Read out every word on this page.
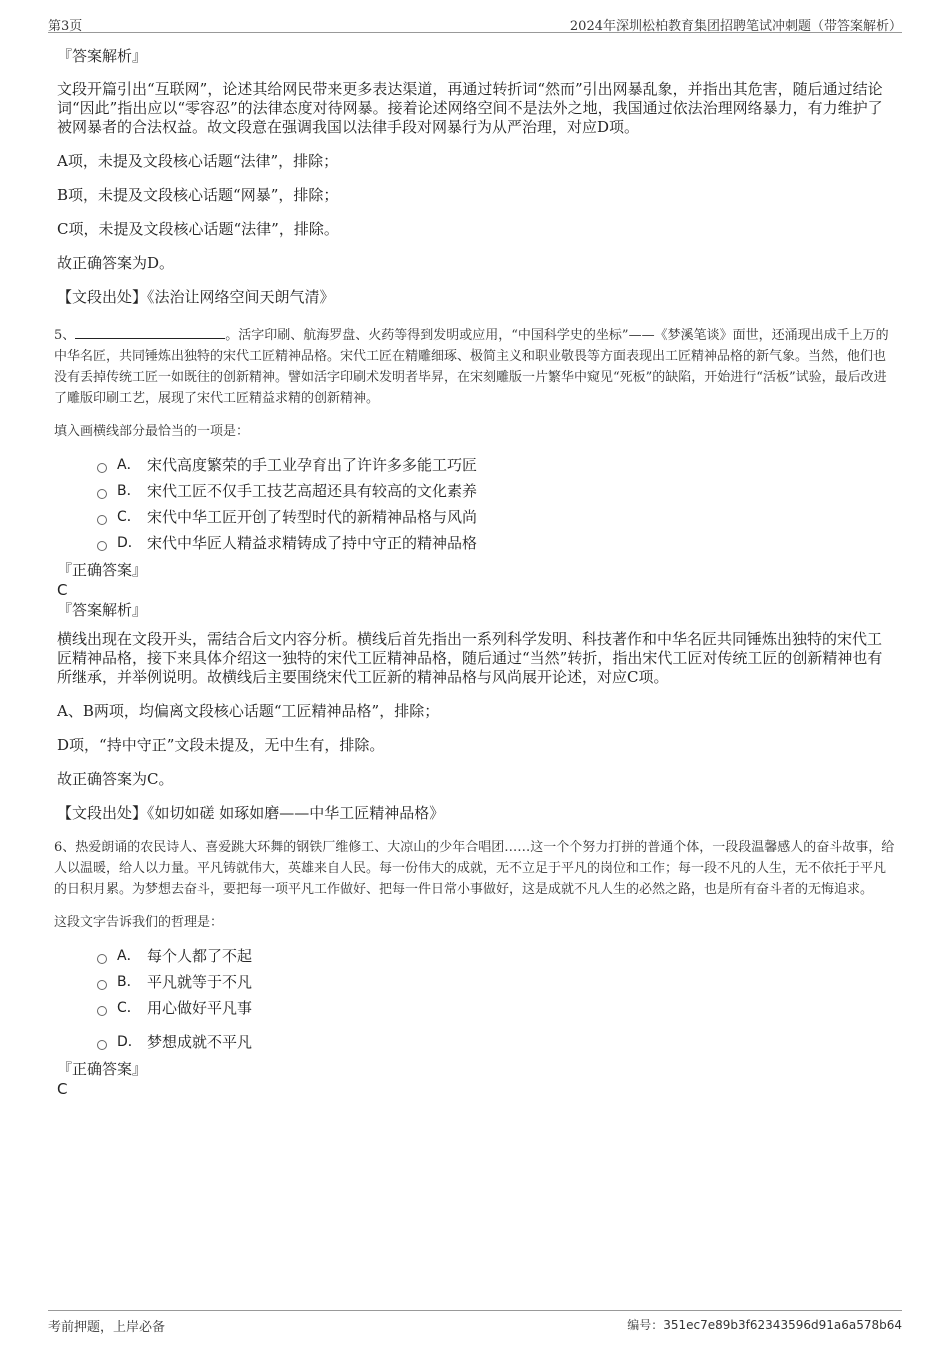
第3页	2024年深圳松柏教育集团招聘笔试冲刺题（带答案解析）
『答案解析』
文段开篇引出“互联网”，论述其给网民带来更多表达渠道，再通过转折词“然而”引出网暴乱象，并指出其危害，随后通过结论词“因此”指出应以“零容忍”的法律态度对待网暴。接着论述网络空间不是法外之地，我国通过依法治理网络暴力，有力维护了被网暴者的合法权益。故文段意在强调我国以法律手段对网暴行为从严治理，对应D项。
A项，未提及文段核心话题“法律”，排除；
B项，未提及文段核心话题“网暴”，排除；
C项，未提及文段核心话题“法律”，排除。
故正确答案为D。
【文段出处】《法治让网络空间天朗气清》
5、	。活字印刷、航海罗盘、火药等得到发明或应用，“中国科学史的坐标”——《梦溪笔谈》面世，还涌现出成千上万的中华名匠，共同锤炼出独特的宋代工匠精神品格。宋代工匠在精雕细琢、极简主义和职业敬畏等方面表现出工匠精神品格的新气象。当然，他们也没有丢掉传统工匠一如既往的创新精神。譬如活字印刷术发明者毕昇，在宋刻雕版一片繁华中窥见“死板”的缺陷，开始进行“活板”试验，最后改进了雕版印刷工艺，展现了宋代工匠精益求精的创新精神。
填入画横线部分最恰当的一项是：
A． 宋代高度繁荣的手工业孕育出了许许多多能工巧匠
B． 宋代工匠不仅手工技艺高超还具有较高的文化素养
C． 宋代中华工匠开创了转型时代的新精神品格与风尚
D． 宋代中华匠人精益求精铸成了持中守正的精神品格
『正确答案』
C
『答案解析』
横线出现在文段开头，需结合后文内容分析。横线后首先指出一系列科学发明、科技著作和中华名匠共同锤炼出独特的宋代工匠精神品格，接下来具体介绍这一独特的宋代工匠精神品格，随后通过“当然”转折，指出宋代工匠对传统工匠的创新精神也有所继承，并举例说明。故横线后主要围绕宋代工匠新的精神品格与风尚展开论述，对应C项。
A、B两项，均偏离文段核心话题“工匠精神品格”，排除；
D项，“持中守正”文段未提及，无中生有，排除。
故正确答案为C。
【文段出处】《如切如磋 如琢如磨——中华工匠精神品格》
6、热爱朗诵的农民诗人、喜爱跳大环舞的钢铁厂维修工、大凉山的少年合唱团……这一个个努力打拼的普通个体，一段段温馨感人的奋斗故事，给人以温暖，给人以力量。平凡铸就伟大，英雄来自人民。每一份伟大的成就，无不立足于平凡的岗位和工作；每一段不凡的人生，无不依托于平凡的日积月累。为梦想去奋斗，要把每一项平凡工作做好、把每一件日常小事做好，这是成就不凡人生的必然之路，也是所有奋斗者的无悔追求。
这段文字告诉我们的哲理是：
A． 每个人都了不起
B． 平凡就等于不凡
C． 用心做好平凡事
D． 梦想成就不平凡
『正确答案』
C
考前押题，上岸必备	编号：351ec7e89b3f62343596d91a6a578b64
